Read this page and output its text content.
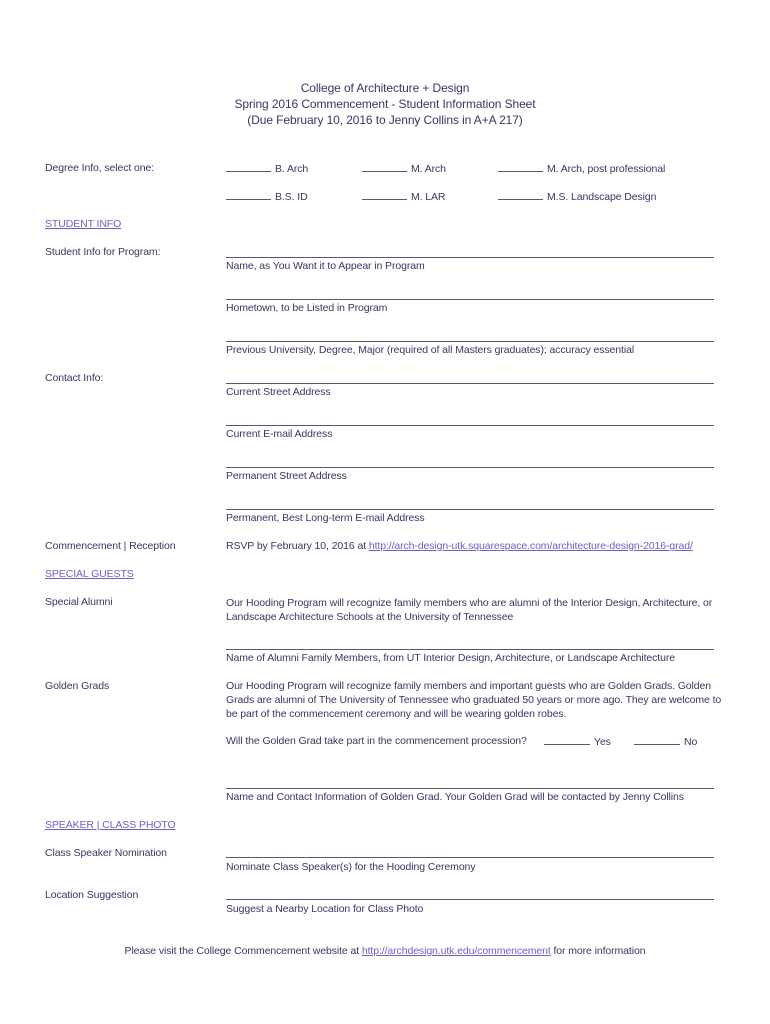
College of Architecture + Design
Spring 2016 Commencement - Student Information Sheet
(Due February 10, 2016 to Jenny Collins in A+A 217)
Degree Info, select one:	B. Arch	M. Arch	M. Arch, post professional
B.S. ID	M. LAR	M.S. Landscape Design
STUDENT INFO
Student Info for Program:
Name, as You Want it to Appear in Program
Hometown, to be Listed in Program
Previous University, Degree, Major (required of all Masters graduates); accuracy essential
Contact Info:
Current Street Address
Current E-mail Address
Permanent Street Address
Permanent, Best Long-term E-mail Address
Commencement | Reception	RSVP by February 10, 2016 at http://arch-design-utk.squarespace.com/architecture-design-2016-grad/
SPECIAL GUESTS
Special Alumni	Our Hooding Program will recognize family members who are alumni of the Interior Design, Architecture, or Landscape Architecture Schools at the University of Tennessee
Name of Alumni Family Members, from UT Interior Design, Architecture, or Landscape Architecture
Golden Grads	Our Hooding Program will recognize family members and important guests who are Golden Grads. Golden Grads are alumni of The University of Tennessee who graduated 50 years or more ago. They are welcome to be part of the commencement ceremony and will be wearing golden robes.
Will the Golden Grad take part in the commencement procession?	Yes	No
Name and Contact Information of Golden Grad. Your Golden Grad will be contacted by Jenny Collins
SPEAKER | CLASS PHOTO
Class Speaker Nomination
Nominate Class Speaker(s) for the Hooding Ceremony
Location Suggestion
Suggest a Nearby Location for Class Photo
Please visit the College Commencement website at http://archdesign.utk.edu/commencement for more information
